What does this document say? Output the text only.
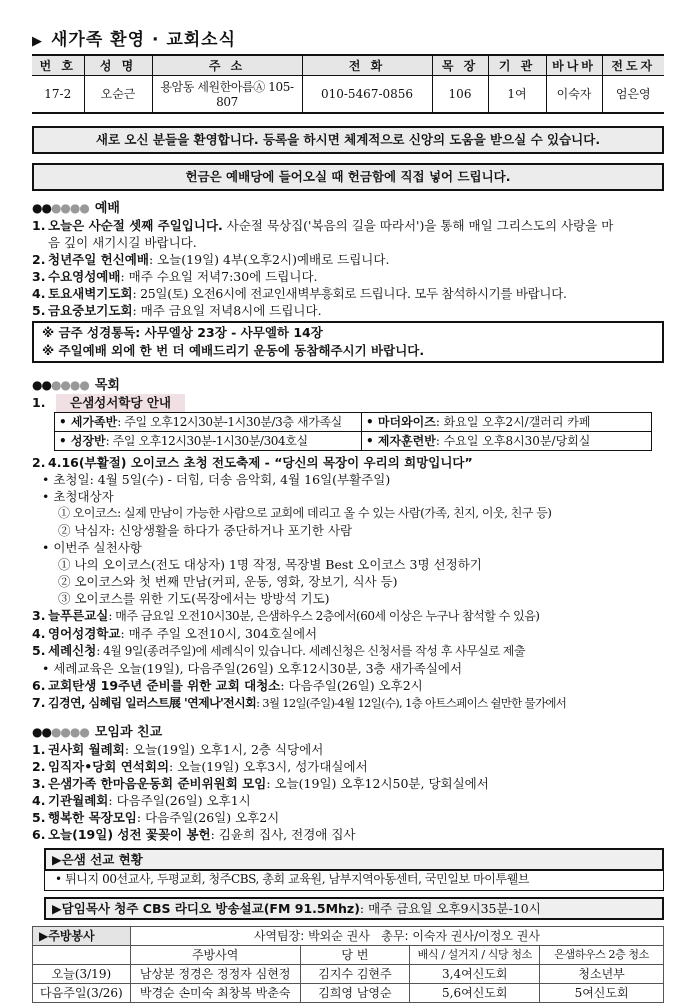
▶ 새가족 환영 · 교회소식
번 호	성 명	주 소	전 화	목 장	기 관	바나바	전도자
17-2	오순근	용암동 세원한아름Ⓐ 105-807	010-5467-0856	106	1여	이숙자	엄은영
새로 오신 분들을 환영합니다. 등록을 하시면 체계적으로 신앙의 도움을 받으실 수 있습니다.
헌금은 예배당에 들어오실 때 헌금함에 직접 넣어 드립니다.
●●●●●● 예배
1. 오늘은 사순절 셋째 주일입니다. 사순절 묵상집('복음의 길을 따라서')을 통해 매일 그리스도의 사랑을 마
음 깊이 새기시길 바랍니다.
2. 청년주일 헌신예배: 오늘(19일) 4부(오후2시)예배로 드립니다.
3. 수요영성예배: 매주 수요일 저녁7:30에 드립니다.
4. 토요새벽기도회: 25일(토) 오전6시에 전교인새벽부흥회로 드립니다. 모두 참석하시기를 바랍니다.
5. 금요중보기도회: 매주 금요일 저녁8시에 드립니다.
※ 금주 성경통독: 사무엘상 23장 - 사무엘하 14장
※ 주일예배 외에 한 번 더 예배드리기 운동에 동참해주시기 바랍니다.
●●●●●● 목회
1. 은샘성서학당 안내
• 세가족반: 주일 오후12시30분-1시30분/3층 새가족실	• 마더와이즈: 화요일 오후2시/갤러리 카페
• 성장반: 주일 오후12시30분-1시30분/304호실	• 제자훈련반: 수요일 오후8시30분/당회실
2. 4.16(부활절) 오이코스 초청 전도축제 - “당신의 목장이 우리의 희망입니다”
• 초청일: 4월 5일(수) - 더힘, 더송 음악회, 4월 16일(부활주일)
• 초청대상자
① 오이코스: 실제 만남이 가능한 사람으로 교회에 데리고 올 수 있는 사람(가족, 친지, 이웃, 친구 등)
② 낙심자: 신앙생활을 하다가 중단하거나 포기한 사람
• 이번주 실천사항
① 나의 오이코스(전도 대상자) 1명 작정, 목장별 Best 오이코스 3명 선정하기
② 오이코스와 첫 번째 만남(커피, 운동, 영화, 장보기, 식사 등)
③ 오이코스를 위한 기도(목장에서는 방방석 기도)
3. 늘푸른교실: 매주 금요일 오전10시30분, 은샘하우스 2층에서(60세 이상은 누구나 참석할 수 있음)
4. 영어성경학교: 매주 주일 오전10시, 304호실에서
5. 세례신청: 4월 9일(종려주일)에 세례식이 있습니다. 세례신청은 신청서를 작성 후 사무실로 제출
• 세례교육은 오늘(19일), 다음주일(26일) 오후12시30분, 3층 새가족실에서
6. 교회탄생 19주년 준비를 위한 교회 대청소: 다음주일(26일) 오후2시
7. 김경연, 심혜림 일러스트展 '연제나'전시회: 3월 12일(주일)-4월 12일(수), 1층 아트스페이스 쉴만한 물가에서
●●●●●● 모임과 친교
1. 권사회 월례회: 오늘(19일) 오후1시, 2층 식당에서
2. 임직자•당회 연석회의: 오늘(19일) 오후3시, 성가대실에서
3. 은샘가족 한마음운동회 준비위원회 모임: 오늘(19일) 오후12시50분, 당회실에서
4. 기관월례회: 다음주일(26일) 오후1시
5. 행복한 목장모임: 다음주일(26일) 오후2시
6. 오늘(19일) 성전 꽃꽂이 봉헌: 김윤희 집사, 전경애 집사
▶은샘 선교 현황
• 튀니지 00선교사, 두평교회, 청주CBS, 총회 교육원, 남부지역아동센터, 국민일보 마이투웰브
▶담임목사 청주 CBS 라디오 방송설교(FM 91.5Mhz): 매주 금요일 오후9시35분-10시
▶주방봉사	사역팀장: 박외순 권사   총무: 이숙자 권사/이정오 권사			
	주방사역	당 번	배식 / 설거지 / 식당 청소	은샘하우스 2층 청소
오늘(3/19)	남상분 정경은 정정자 심현정	김지수 김현주	3,4여신도회	청소년부
다음주일(3/26)	박경순 손미숙 최창복 박춘숙	김희영 남영순	5,6여신도회	5여신도회
